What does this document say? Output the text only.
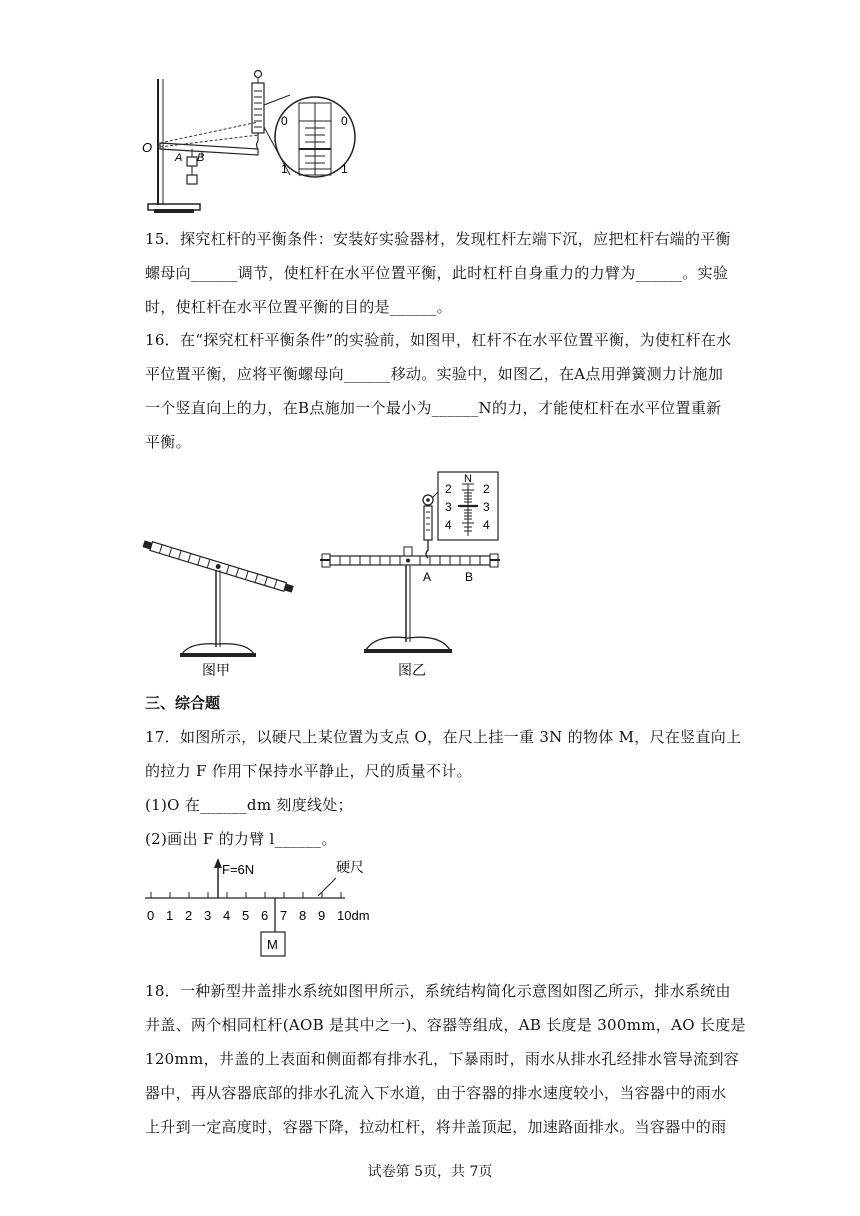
O
A B
0
1
0
1
15．探究杠杆的平衡条件：安装好实验器材，发现杠杆左端下沉，应把杠杆右端的平衡
螺母向______调节，使杠杆在水平位置平衡，此时杠杆自身重力的力臂为______。实验
时，使杠杆在水平位置平衡的目的是______。
16．在“探究杠杆平衡条件”的实验前，如图甲，杠杆不在水平位置平衡，为使杠杆在水
平位置平衡，应将平衡螺母向______移动。实验中，如图乙，在A点用弹簧测力计施加
一个竖直向上的力，在B点施加一个最小为______N的力，才能使杠杆在水平位置重新
平衡。
N
2
3
4
2
3
4
A	B
图甲	图乙
三、综合题
17．如图所示，以硬尺上某位置为支点 O，在尺上挂一重 3N 的物体 M，尺在竖直向上
的拉力 F 作用下保持水平静止，尺的质量不计。
(1)O 在______dm 刻度线处；
(2)画出 F 的力臂 l______。
0 1 2 3 4 5 6 7 8 9 10dm
F=6N	硬尺
M
18．一种新型井盖排水系统如图甲所示，系统结构简化示意图如图乙所示，排水系统由
井盖、两个相同杠杆(AOB 是其中之一)、容器等组成，AB 长度是 300mm，AO 长度是
120mm，井盖的上表面和侧面都有排水孔，下暴雨时，雨水从排水孔经排水管导流到容
器中，再从容器底部的排水孔流入下水道，由于容器的排水速度较小，当容器中的雨水
上升到一定高度时，容器下降，拉动杠杆，将井盖顶起，加速路面排水。当容器中的雨
试卷第 5页，共 7页
